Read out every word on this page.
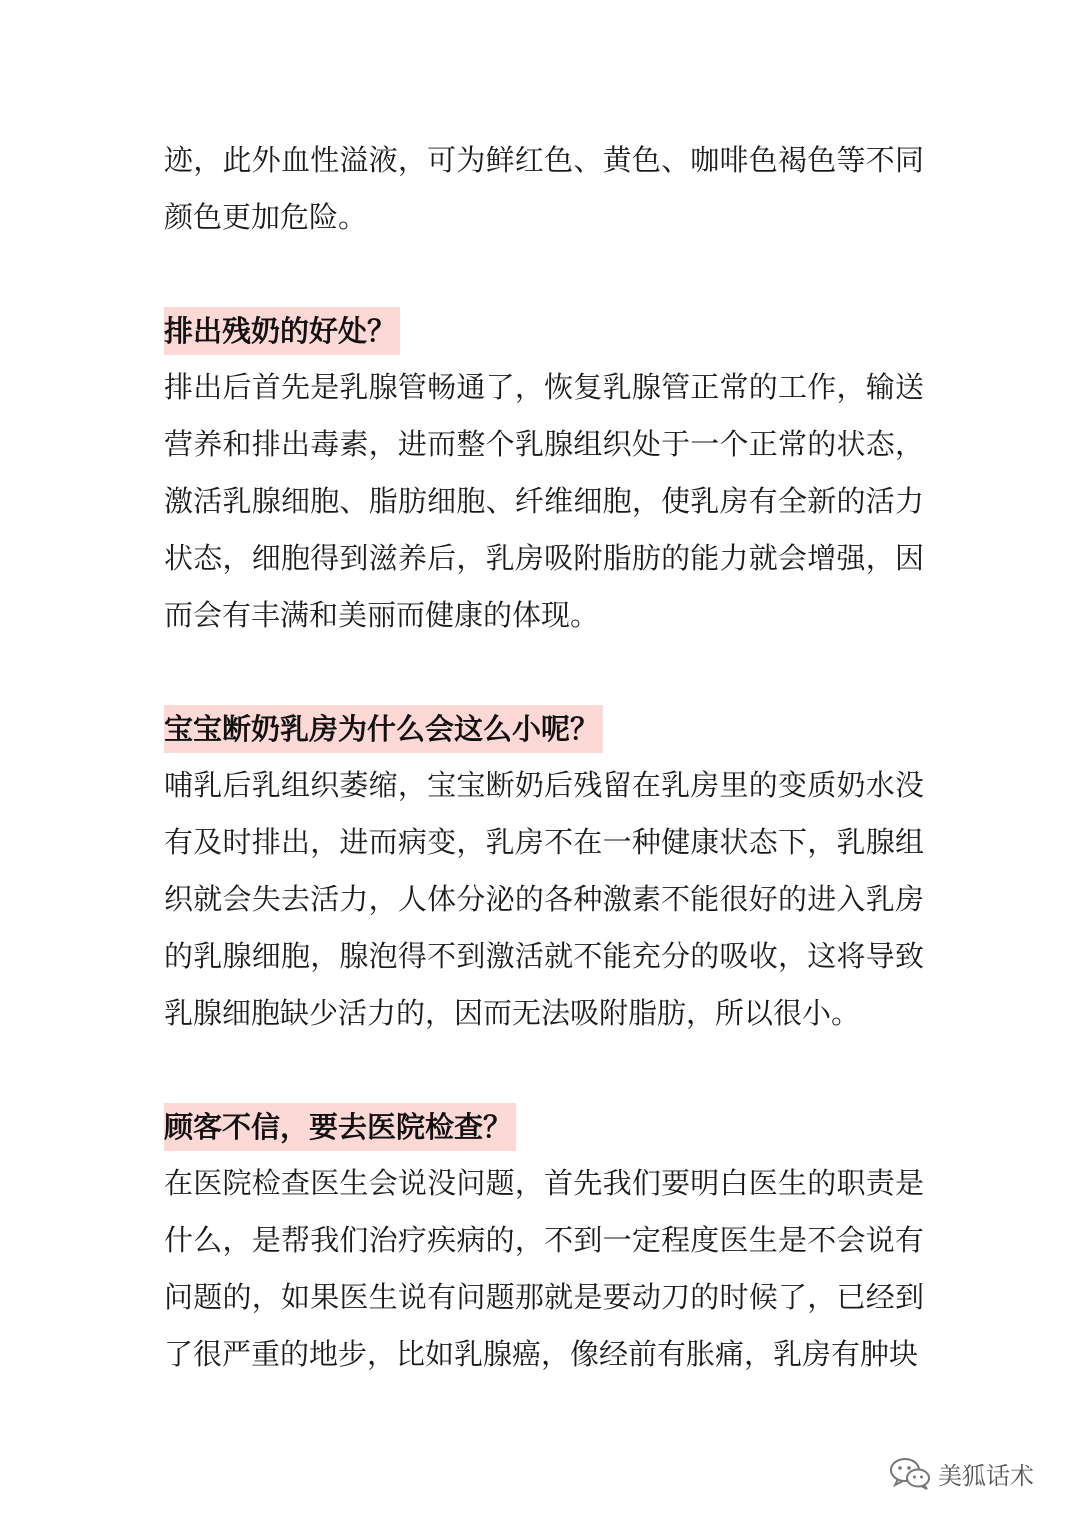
迹，此外血性溢液，可为鲜红色、黄色、咖啡色褐色等不同颜色更加危险。

排出残奶的好处？

排出后首先是乳腺管畅通了，恢复乳腺管正常的工作，输送营养和排出毒素，进而整个乳腺组织处于一个正常的状态，激活乳腺细胞、脂肪细胞、纤维细胞，使乳房有全新的活力状态，细胞得到滋养后，乳房吸附脂肪的能力就会增强，因而会有丰满和美丽而健康的体现。

宝宝断奶乳房为什么会这么小呢？

哺乳后乳组织萎缩，宝宝断奶后残留在乳房里的变质奶水没有及时排出，进而病变，乳房不在一种健康状态下，乳腺组织就会失去活力，人体分泌的各种激素不能很好的进入乳房的乳腺细胞，腺泡得不到激活就不能充分的吸收，这将导致乳腺细胞缺少活力的，因而无法吸附脂肪，所以很小。

顾客不信，要去医院检查？

在医院检查医生会说没问题，首先我们要明白医生的职责是什么，是帮我们治疗疾病的，不到一定程度医生是不会说有问题的，如果医生说有问题那就是要动刀的时候了，已经到了很严重的地步，比如乳腺癌，像经前有胀痛，乳房有肿块

美狐话术
